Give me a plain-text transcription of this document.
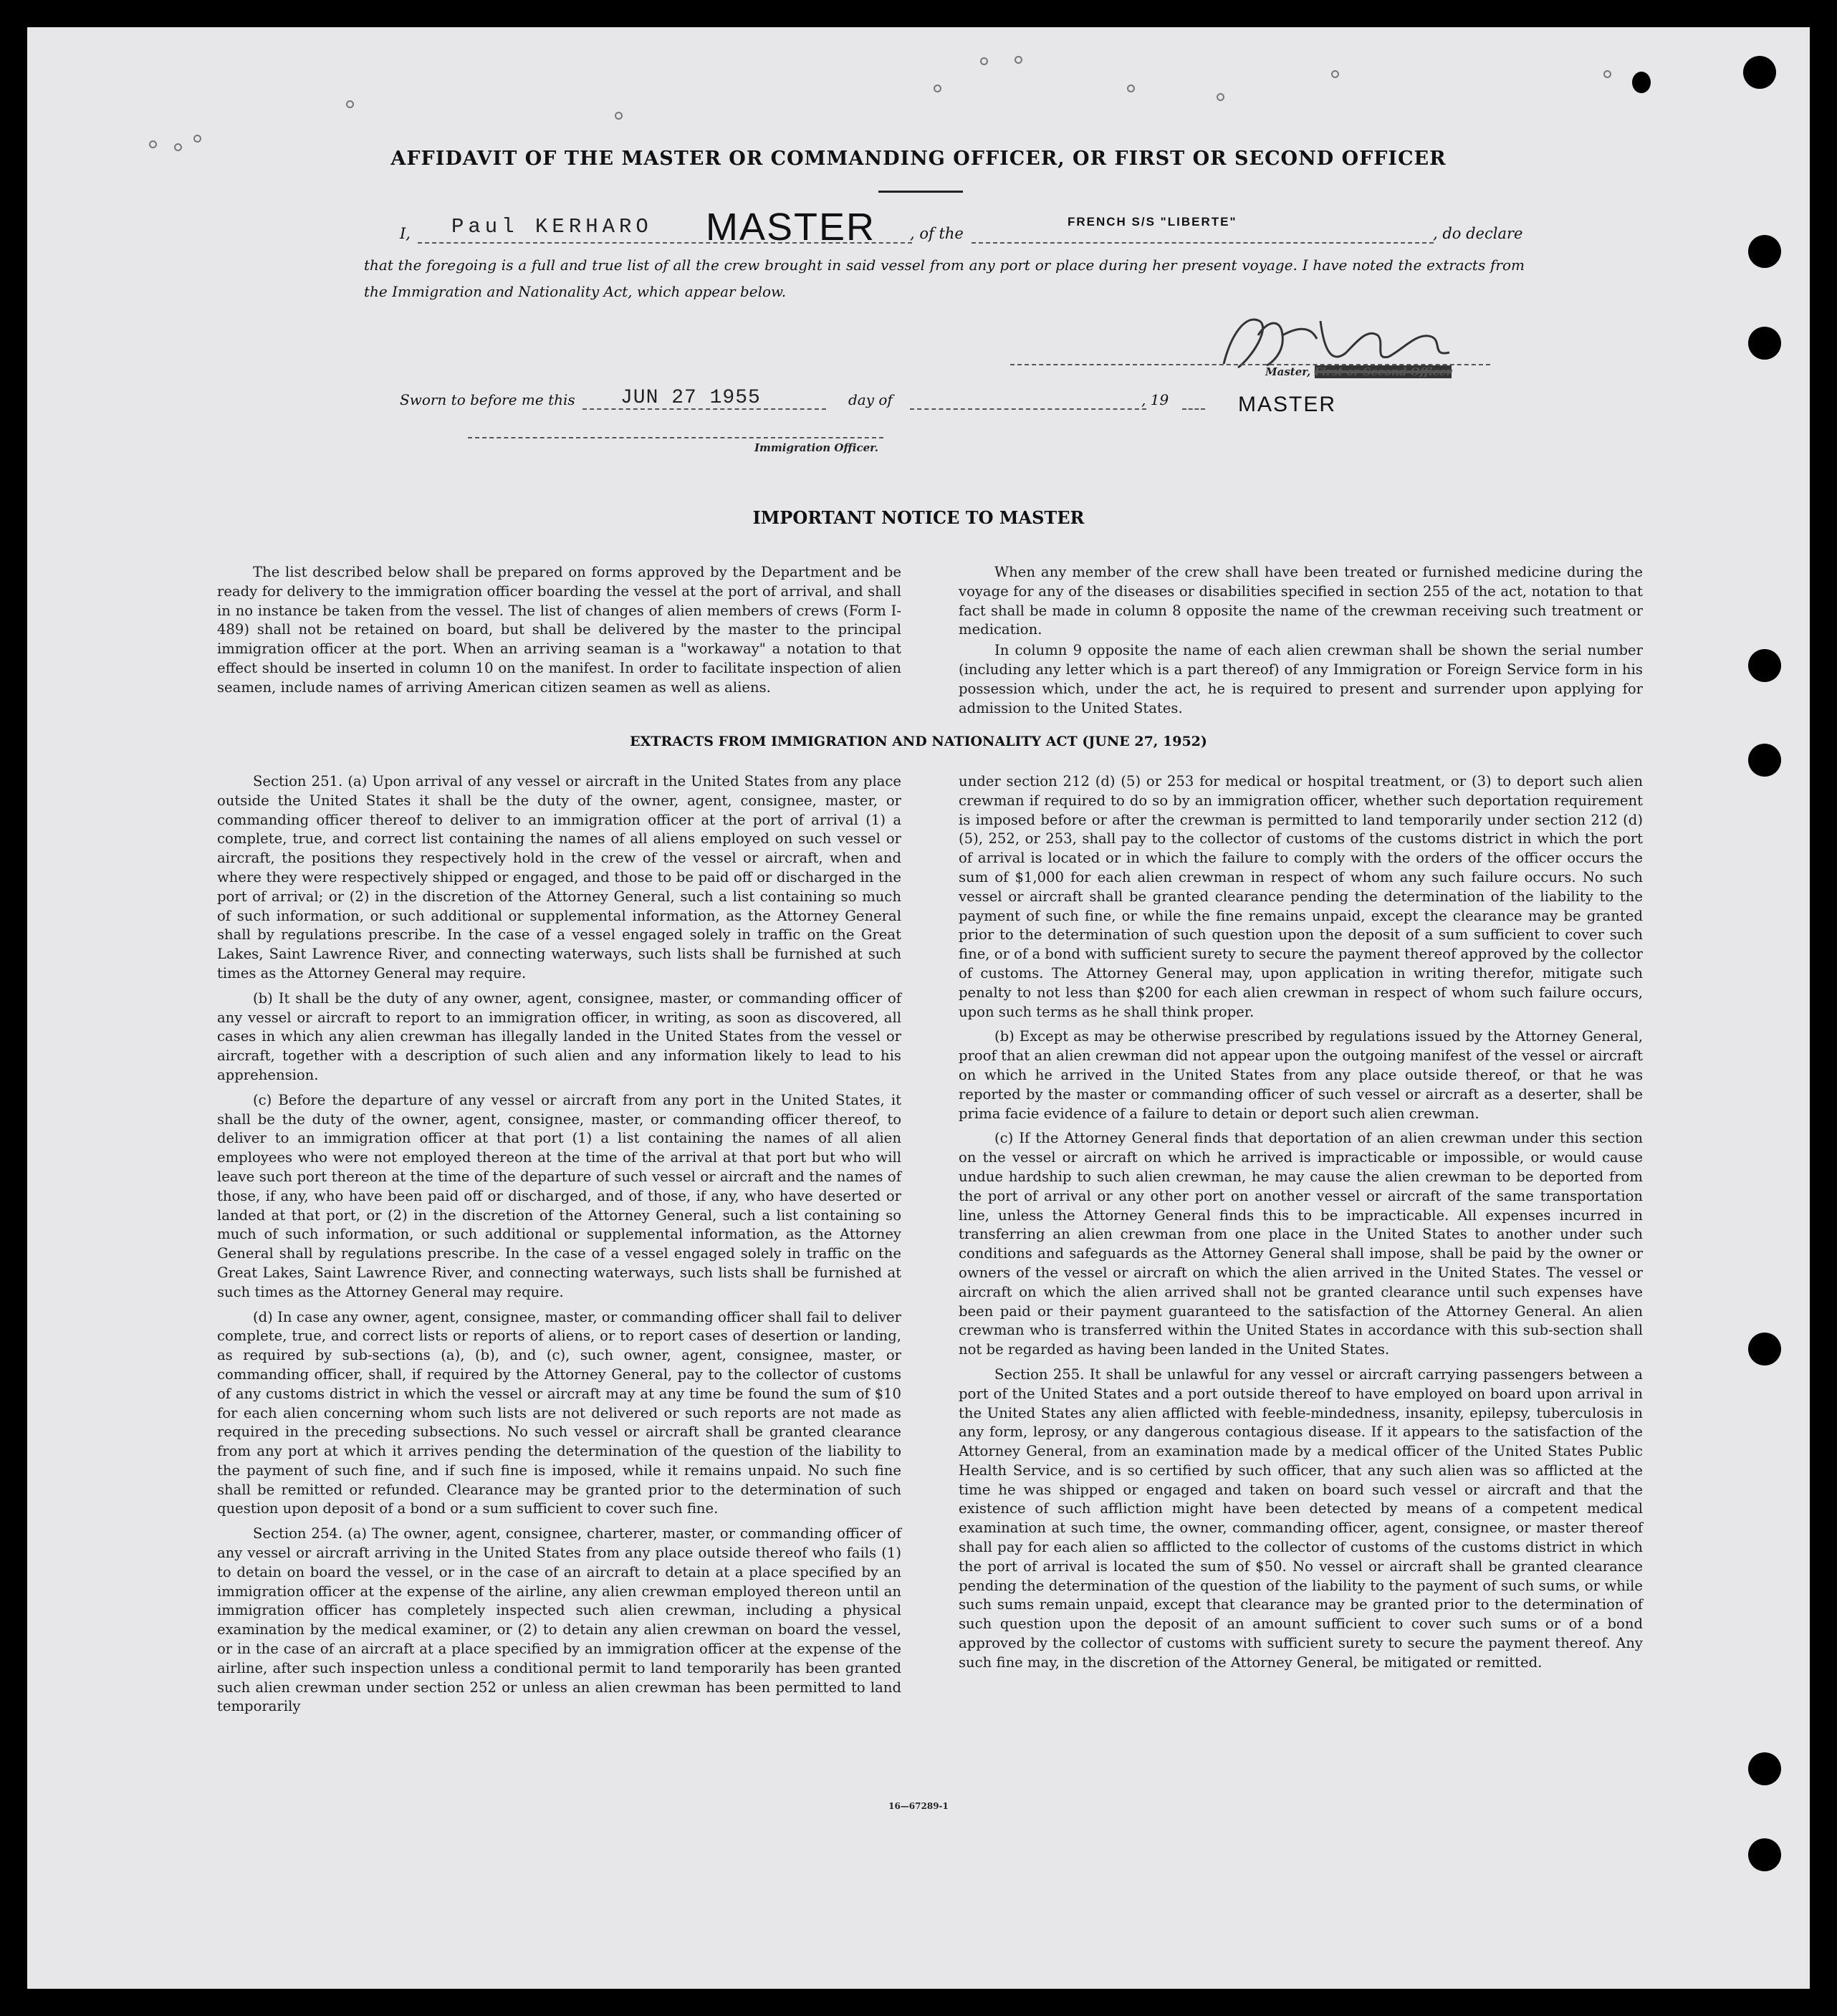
AFFIDAVIT OF THE MASTER OR COMMANDING OFFICER, OR FIRST OR SECOND OFFICER
I, Paul KERHARO MASTER , of the
FRENCH S/S "LIBERTE"
, do declare
that the foregoing is a full and true list of all the crew brought in said vessel from any port or place during her present voyage. I have noted the extracts from the Immigration and Nationality Act, which appear below.
Master, First or Second Officer
Sworn to before me this JUN 27 1955	day of	, 19	MASTER
Immigration Officer.
IMPORTANT NOTICE TO MASTER

The list described below shall be prepared on forms approved by the Department and be ready for delivery to the immigration officer boarding the vessel at the port of arrival, and shall in no instance be taken from the vessel. The list of changes of alien members of crews (Form I-489) shall not be retained on board, but shall be delivered by the master to the principal immigration officer at the port. When an arriving seaman is a "workaway" a notation to that effect should be inserted in column 10 on the manifest. In order to facilitate inspection of alien seamen, include names of arriving American citizen seamen as well as aliens.

When any member of the crew shall have been treated or furnished medicine during the voyage for any of the diseases or disabilities specified in section 255 of the act, notation to that fact shall be made in column 8 opposite the name of the crewman receiving such treatment or medication.

In column 9 opposite the name of each alien crewman shall be shown the serial number (including any letter which is a part thereof) of any Immigration or Foreign Service form in his possession which, under the act, he is required to present and surrender upon applying for admission to the United States.

EXTRACTS FROM IMMIGRATION AND NATIONALITY ACT (JUNE 27, 1952)

Section 251. (a) Upon arrival of any vessel or aircraft in the United States from any place outside the United States it shall be the duty of the owner, agent, consignee, master, or commanding officer thereof to deliver to an immigration officer at the port of arrival (1) a complete, true, and correct list containing the names of all aliens employed on such vessel or aircraft, the positions they respectively hold in the crew of the vessel or aircraft, when and where they were respectively shipped or engaged, and those to be paid off or discharged in the port of arrival; or (2) in the discretion of the Attorney General, such a list containing so much of such information, or such additional or supplemental information, as the Attorney General shall by regulations prescribe. In the case of a vessel engaged solely in traffic on the Great Lakes, Saint Lawrence River, and connecting waterways, such lists shall be furnished at such times as the Attorney General may require.

(b) It shall be the duty of any owner, agent, consignee, master, or commanding officer of any vessel or aircraft to report to an immigration officer, in writing, as soon as discovered, all cases in which any alien crewman has illegally landed in the United States from the vessel or aircraft, together with a description of such alien and any information likely to lead to his apprehension.

(c) Before the departure of any vessel or aircraft from any port in the United States, it shall be the duty of the owner, agent, consignee, master, or commanding officer thereof, to deliver to an immigration officer at that port (1) a list containing the names of all alien employees who were not employed thereon at the time of the arrival at that port but who will leave such port thereon at the time of the departure of such vessel or aircraft and the names of those, if any, who have been paid off or discharged, and of those, if any, who have deserted or landed at that port, or (2) in the discretion of the Attorney General, such a list containing so much of such information, or such additional or supplemental information, as the Attorney General shall by regulations prescribe. In the case of a vessel engaged solely in traffic on the Great Lakes, Saint Lawrence River, and connecting waterways, such lists shall be furnished at such times as the Attorney General may require.

(d) In case any owner, agent, consignee, master, or commanding officer shall fail to deliver complete, true, and correct lists or reports of aliens, or to report cases of desertion or landing, as required by sub-sections (a), (b), and (c), such owner, agent, consignee, master, or commanding officer, shall, if required by the Attorney General, pay to the collector of customs of any customs district in which the vessel or aircraft may at any time be found the sum of $10 for each alien concerning whom such lists are not delivered or such reports are not made as required in the preceding subsections. No such vessel or aircraft shall be granted clearance from any port at which it arrives pending the determination of the question of the liability to the payment of such fine, and if such fine is imposed, while it remains unpaid. No such fine shall be remitted or refunded. Clearance may be granted prior to the determination of such question upon deposit of a bond or a sum sufficient to cover such fine.

Section 254. (a) The owner, agent, consignee, charterer, master, or commanding officer of any vessel or aircraft arriving in the United States from any place outside thereof who fails (1) to detain on board the vessel, or in the case of an aircraft to detain at a place specified by an immigration officer at the expense of the airline, any alien crewman employed thereon until an immigration officer has completely inspected such alien crewman, including a physical examination by the medical examiner, or (2) to detain any alien crewman on board the vessel, or in the case of an aircraft at a place specified by an immigration officer at the expense of the airline, after such inspection unless a conditional permit to land temporarily has been granted such alien crewman under section 252 or unless an alien crewman has been permitted to land temporarily

under section 212 (d) (5) or 253 for medical or hospital treatment, or (3) to deport such alien crewman if required to do so by an immigration officer, whether such deportation requirement is imposed before or after the crewman is permitted to land temporarily under section 212 (d) (5), 252, or 253, shall pay to the collector of customs of the customs district in which the port of arrival is located or in which the failure to comply with the orders of the officer occurs the sum of $1,000 for each alien crewman in respect of whom any such failure occurs. No such vessel or aircraft shall be granted clearance pending the determination of the liability to the payment of such fine, or while the fine remains unpaid, except the clearance may be granted prior to the determination of such question upon the deposit of a sum sufficient to cover such fine, or of a bond with sufficient surety to secure the payment thereof approved by the collector of customs. The Attorney General may, upon application in writing therefor, mitigate such penalty to not less than $200 for each alien crewman in respect of whom such failure occurs, upon such terms as he shall think proper.

(b) Except as may be otherwise prescribed by regulations issued by the Attorney General, proof that an alien crewman did not appear upon the outgoing manifest of the vessel or aircraft on which he arrived in the United States from any place outside thereof, or that he was reported by the master or commanding officer of such vessel or aircraft as a deserter, shall be prima facie evidence of a failure to detain or deport such alien crewman.

(c) If the Attorney General finds that deportation of an alien crewman under this section on the vessel or aircraft on which he arrived is impracticable or impossible, or would cause undue hardship to such alien crewman, he may cause the alien crewman to be deported from the port of arrival or any other port on another vessel or aircraft of the same transportation line, unless the Attorney General finds this to be impracticable. All expenses incurred in transferring an alien crewman from one place in the United States to another under such conditions and safeguards as the Attorney General shall impose, shall be paid by the owner or owners of the vessel or aircraft on which the alien arrived in the United States. The vessel or aircraft on which the alien arrived shall not be granted clearance until such expenses have been paid or their payment guaranteed to the satisfaction of the Attorney General. An alien crewman who is transferred within the United States in accordance with this sub-section shall not be regarded as having been landed in the United States.

Section 255. It shall be unlawful for any vessel or aircraft carrying passengers between a port of the United States and a port outside thereof to have employed on board upon arrival in the United States any alien afflicted with feeble-mindedness, insanity, epilepsy, tuberculosis in any form, leprosy, or any dangerous contagious disease. If it appears to the satisfaction of the Attorney General, from an examination made by a medical officer of the United States Public Health Service, and is so certified by such officer, that any such alien was so afflicted at the time he was shipped or engaged and taken on board such vessel or aircraft and that the existence of such affliction might have been detected by means of a competent medical examination at such time, the owner, commanding officer, agent, consignee, or master thereof shall pay for each alien so afflicted to the collector of customs of the customs district in which the port of arrival is located the sum of $50. No vessel or aircraft shall be granted clearance pending the determination of the question of the liability to the payment of such sums, or while such sums remain unpaid, except that clearance may be granted prior to the determination of such question upon the deposit of an amount sufficient to cover such sums or of a bond approved by the collector of customs with sufficient surety to secure the payment thereof. Any such fine may, in the discretion of the Attorney General, be mitigated or remitted.

16—67289-1
